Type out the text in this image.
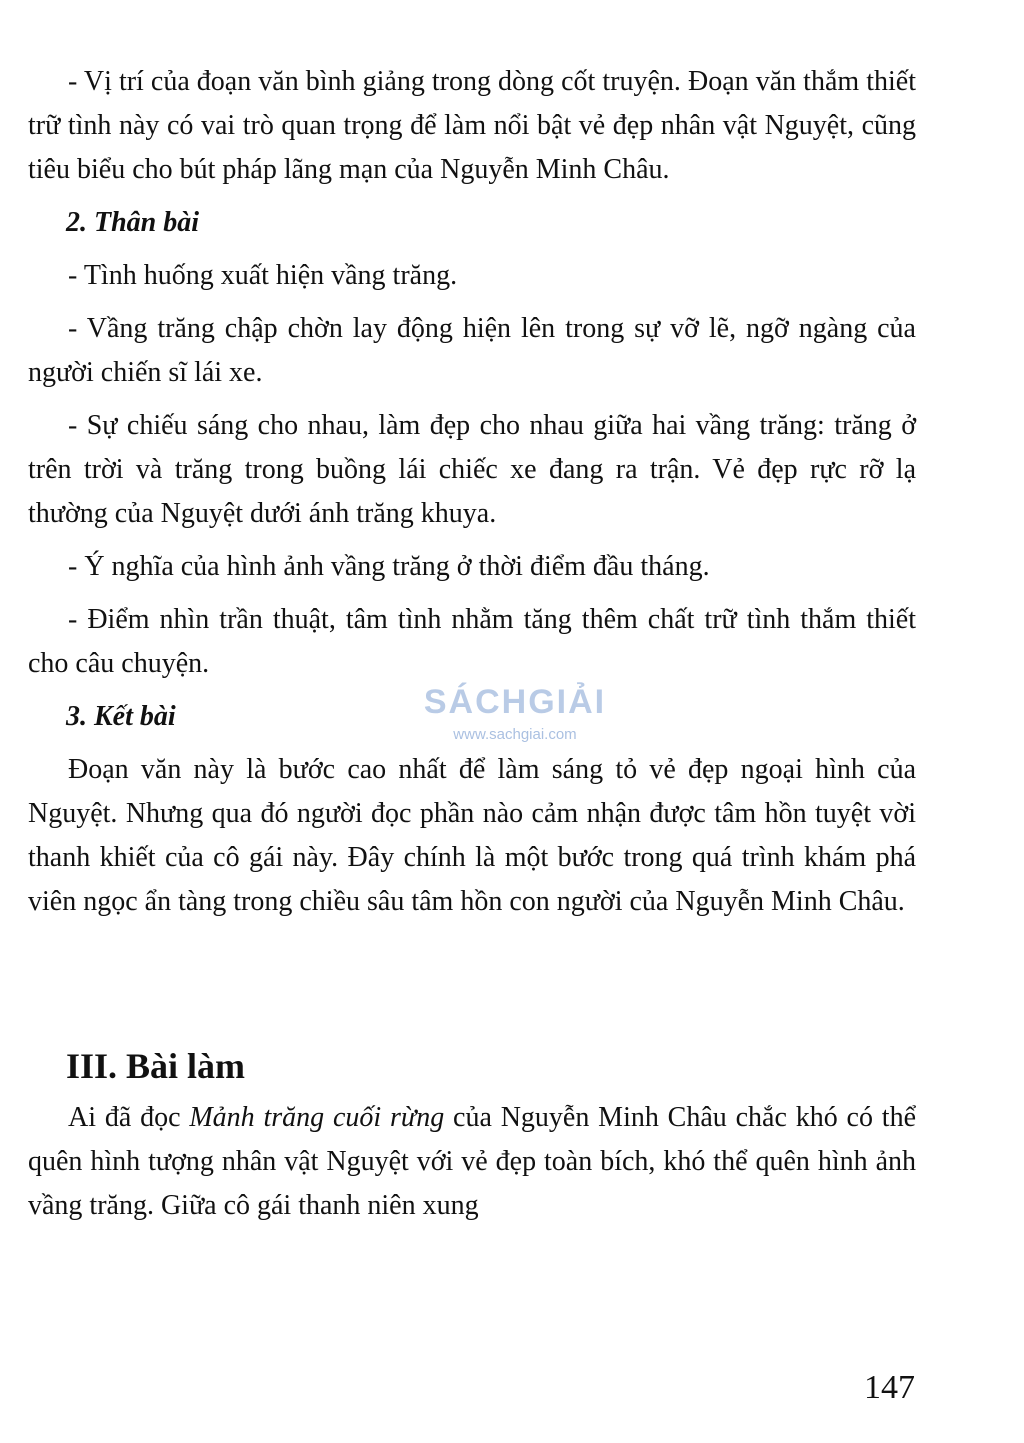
- Vị trí của đoạn văn bình giảng trong dòng cốt truyện. Đoạn văn thắm thiết trữ tình này có vai trò quan trọng để làm nổi bật vẻ đẹp nhân vật Nguyệt, cũng tiêu biểu cho bút pháp lãng mạn của Nguyễn Minh Châu.

2. Thân bài

- Tình huống xuất hiện vầng trăng.

- Vầng trăng chập chờn lay động hiện lên trong sự vỡ lẽ, ngỡ ngàng của người chiến sĩ lái xe.

- Sự chiếu sáng cho nhau, làm đẹp cho nhau giữa hai vầng trăng: trăng ở trên trời và trăng trong buồng lái chiếc xe đang ra trận. Vẻ đẹp rực rỡ lạ thường của Nguyệt dưới ánh trăng khuya.

- Ý nghĩa của hình ảnh vầng trăng ở thời điểm đầu tháng.

- Điểm nhìn trần thuật, tâm tình nhằm tăng thêm chất trữ tình thắm thiết cho câu chuyện.

3. Kết bài

Đoạn văn này là bước cao nhất để làm sáng tỏ vẻ đẹp ngoại hình của Nguyệt. Nhưng qua đó người đọc phần nào cảm nhận được tâm hồn tuyệt vời thanh khiết của cô gái này. Đây chính là một bước trong quá trình khám phá viên ngọc ẩn tàng trong chiều sâu tâm hồn con người của Nguyễn Minh Châu.

III. Bài làm

Ai đã đọc Mảnh trăng cuối rừng của Nguyễn Minh Châu chắc khó có thể quên hình tượng nhân vật Nguyệt với vẻ đẹp toàn bích, khó thể quên hình ảnh vầng trăng. Giữa cô gái thanh niên xung

SÁCHGIẢI
www.sachgiai.com
147
